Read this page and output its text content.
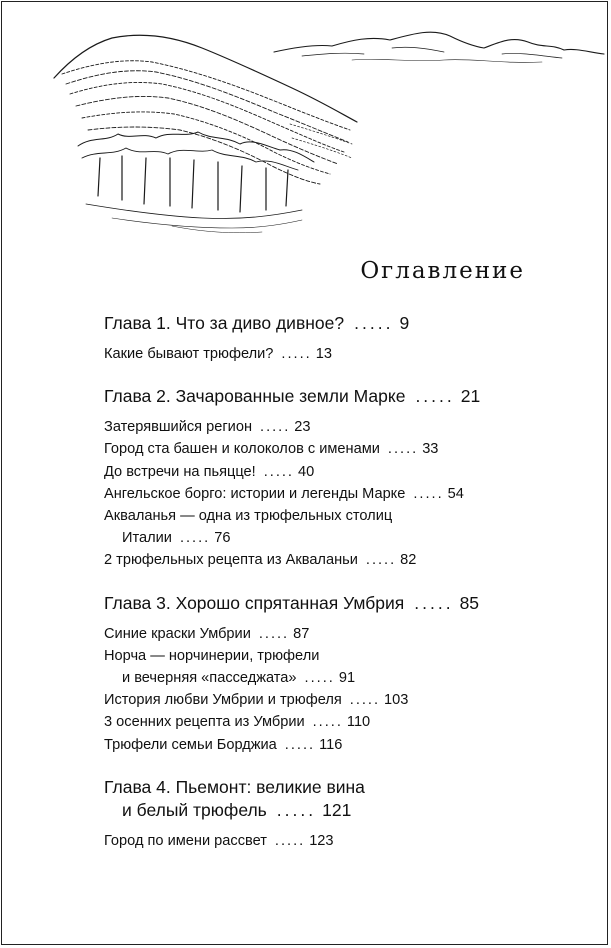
Оглавление
Глава 1. Что за диво дивное? ..... 9
Какие бывают трюфели? ..... 13
Глава 2. Зачарованные земли Марке ..... 21
Затерявшийся регион ..... 23
Город ста башен и колоколов с именами ..... 33
До встречи на пьяцце! ..... 40
Ангельское борго: истории и легенды Марке ..... 54
Акваланья — одна из трюфельных столиц
Италии ..... 76
2 трюфельных рецепта из Акваланьи ..... 82
Глава 3. Хорошо спрятанная Умбрия ..... 85
Синие краски Умбрии ..... 87
Норча — норчинерии, трюфели
и вечерняя «пасседжата» ..... 91
История любви Умбрии и трюфеля ..... 103
3 осенних рецепта из Умбрии ..... 110
Трюфели семьи Борджиа ..... 116
Глава 4. Пьемонт: великие вина
и белый трюфель ..... 121
Город по имени рассвет ..... 123
